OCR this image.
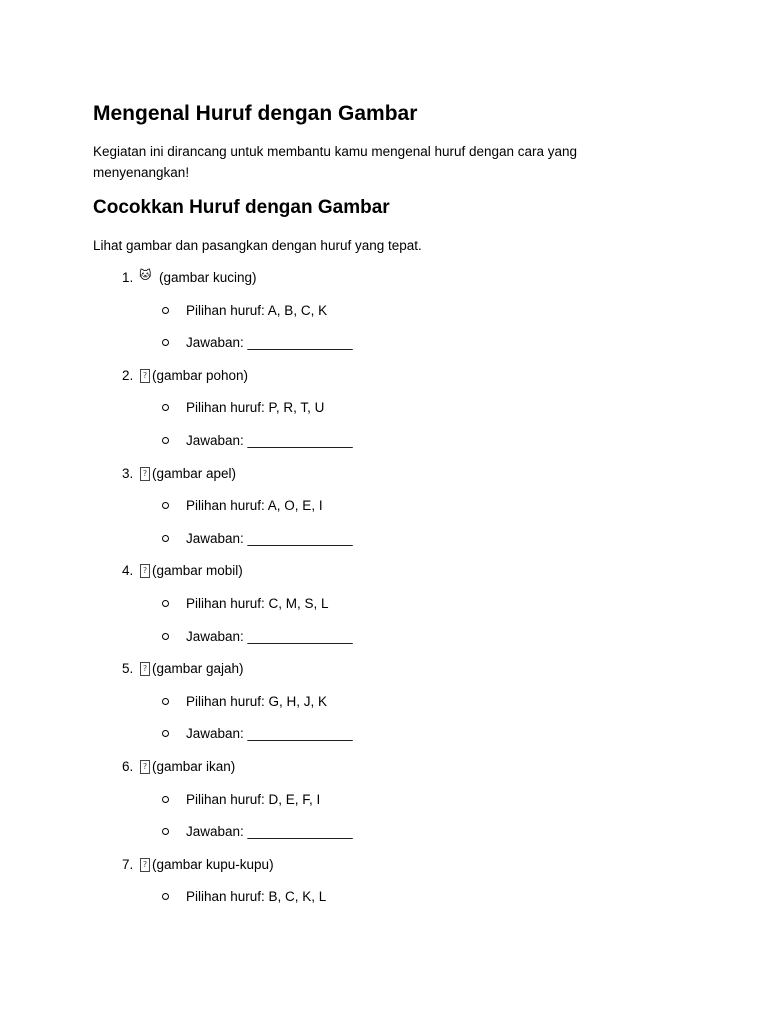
Mengenal Huruf dengan Gambar

Kegiatan ini dirancang untuk membantu kamu mengenal huruf dengan cara yang menyenangkan!

Cocokkan Huruf dengan Gambar

Lihat gambar dan pasangkan dengan huruf yang tepat.

1. 🐱 (gambar kucing)
Pilihan huruf: A, B, C, K
Jawaban: ______________
2.	? (gambar pohon)
Pilihan huruf: P, R, T, U
Jawaban: ______________
3.	? (gambar apel)
Pilihan huruf: A, O, E, I
Jawaban: ______________
4.	? (gambar mobil)
Pilihan huruf: C, M, S, L
Jawaban: ______________
5.	? (gambar gajah)
Pilihan huruf: G, H, J, K
Jawaban: ______________
6.	? (gambar ikan)
Pilihan huruf: D, E, F, I
Jawaban: ______________
7.	? (gambar kupu-kupu)
Pilihan huruf: B, C, K, L
